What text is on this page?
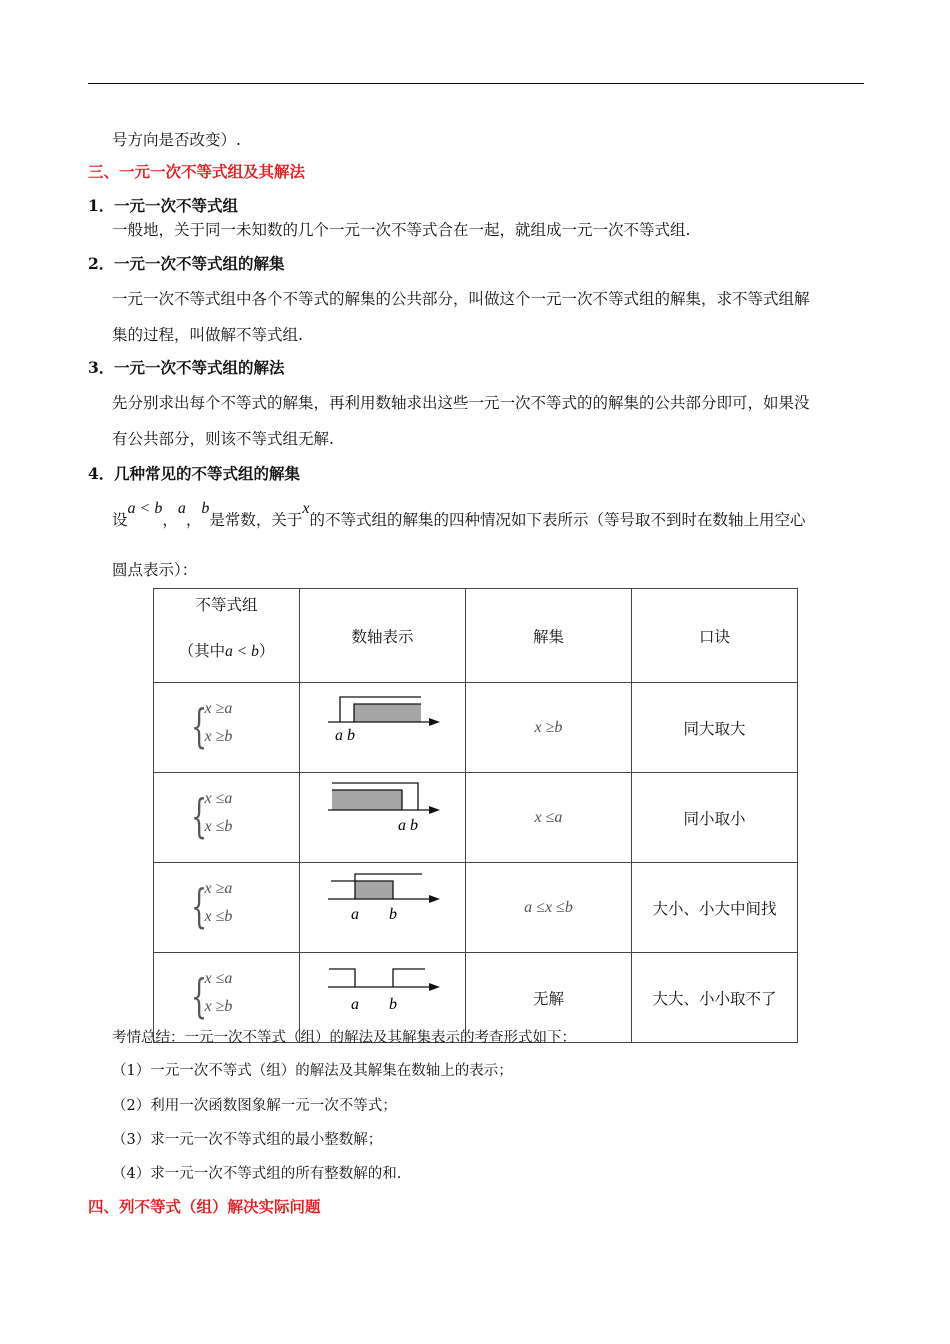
号方向是否改变）.
三、一元一次不等式组及其解法
1．一元一次不等式组
一般地，关于同一未知数的几个一元一次不等式合在一起，就组成一元一次不等式组.
2．一元一次不等式组的解集
一元一次不等式组中各个不等式的解集的公共部分，叫做这个一元一次不等式组的解集，求不等式组解
集的过程，叫做解不等式组.
3．一元一次不等式组的解法
先分别求出每个不等式的解集，再利用数轴求出这些一元一次不等式的的解集的公共部分即可，如果没
有公共部分，则该不等式组无解.
4．几种常见的不等式组的解集
设a < b，a，b是常数，关于x的不等式组的解集的四种情况如下表所示（等号取不到时在数轴上用空心
圆点表示）：
不等式组
（其中a < b）	数轴表示	解集	口诀

{
x ≥a
x ≥b	a b	x ≥b	同大取大

{
x ≤a
x ≤b	a b	x ≤a	同小取小

{
x ≥a
x ≤b	a b	a ≤x ≤b	大小、小大中间找

{
x ≤a
x ≥b	a b	无解	大大、小小取不了
考情总结：一元一次不等式（组）的解法及其解集表示的考查形式如下：
（1）一元一次不等式（组）的解法及其解集在数轴上的表示；
（2）利用一次函数图象解一元一次不等式；
（3）求一元一次不等式组的最小整数解；
（4）求一元一次不等式组的所有整数解的和.
四、列不等式（组）解决实际问题
